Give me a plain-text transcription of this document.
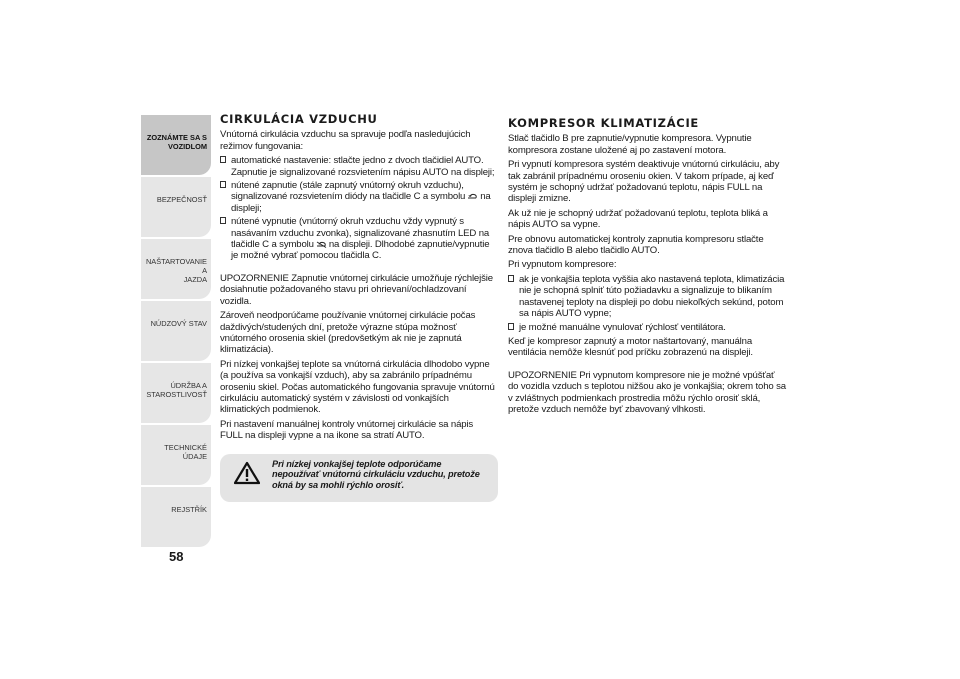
ZOZNÁMTE SA S
VOZIDLOM
BEZPEČNOSŤ
NAŠTARTOVANIE A
JAZDA
NÚDZOVÝ STAV
ÚDRŽBA A
STAROSTLIVOSŤ
TECHNICKÉ ÚDAJE
REJSTŘÍK
58
CIRKULÁCIA VZDUCHU

Vnútorná cirkulácia vzduchu sa spravuje podľa nasledujúcich režimov fungovania:

automatické nastavenie: stlačte jedno z dvoch tlačidiel AUTO. Zapnutie je signalizované rozsvietením nápisu AUTO na displeji;
nútené zapnutie (stále zapnutý vnútorný okruh vzduchu), signalizované rozsvietením diódy na tlačidle C a symbolu na displeji;
nútené vypnutie (vnútorný okruh vzduchu vždy vypnutý s nasávaním vzduchu zvonka), signalizované zhasnutím LED na tlačidle C a symbolu na displeji. Dlhodobé zapnutie/vypnutie je možné vybrať pomocou tlačidla C.

UPOZORNENIE Zapnutie vnútornej cirkulácie umožňuje rýchlejšie dosiahnutie požadovaného stavu pri ohrievaní/ochladzovaní vozidla.

Zároveň neodporúčame používanie vnútornej cirkulácie počas daždivých/studených dní, pretože výrazne stúpa možnosť vnútorného orosenia skiel (predovšetkým ak nie je zapnutá klimatizácia).

Pri nízkej vonkajšej teplote sa vnútorná cirkulácia dlhodobo vypne (a používa sa vonkajší vzduch), aby sa zabránilo prípadnému oroseniu skiel. Počas automatického fungovania spravuje vnútornú cirkuláciu automatický systém v závislosti od vonkajších klimatických podmienok.

Pri nastavení manuálnej kontroly vnútornej cirkulácie sa nápis FULL na displeji vypne a na ikone sa stratí AUTO.

Pri nízkej vonkajšej teplote odporúčame nepoužívať vnútornú cirkuláciu vzduchu, pretože okná by sa mohli rýchlo orosiť.
KOMPRESOR KLIMATIZÁCIE

Stlač tlačidlo B pre zapnutie/vypnutie kompresora. Vypnutie kompresora zostane uložené aj po zastavení motora.

Pri vypnutí kompresora systém deaktivuje vnútornú cirkuláciu, aby tak zabránil prípadnému oroseniu okien. V takom prípade, aj keď systém je schopný udržať požadovanú teplotu, nápis FULL na displeji zmizne.

Ak už nie je schopný udržať požadovanú teplotu, teplota bliká a nápis AUTO sa vypne.

Pre obnovu automatickej kontroly zapnutia kompresoru stlačte znova tlačidlo B alebo tlačidlo AUTO.

Pri vypnutom kompresore:

ak je vonkajšia teplota vyššia ako nastavená teplota, klimatizácia nie je schopná splniť túto požiadavku a signalizuje to blikaním nastavenej teploty na displeji po dobu niekoľkých sekúnd, potom sa nápis AUTO vypne;
je možné manuálne vynulovať rýchlosť ventilátora.

Keď je kompresor zapnutý a motor naštartovaný, manuálna ventilácia nemôže klesnúť pod príčku zobrazenú na displeji.

UPOZORNENIE Pri vypnutom kompresore nie je možné vpúšťať do vozidla vzduch s teplotou nižšou ako je vonkajšia; okrem toho sa v zvláštnych podmienkach prostredia môžu rýchlo orosiť sklá, pretože vzduch nemôže byť zbavovaný vlhkosti.
